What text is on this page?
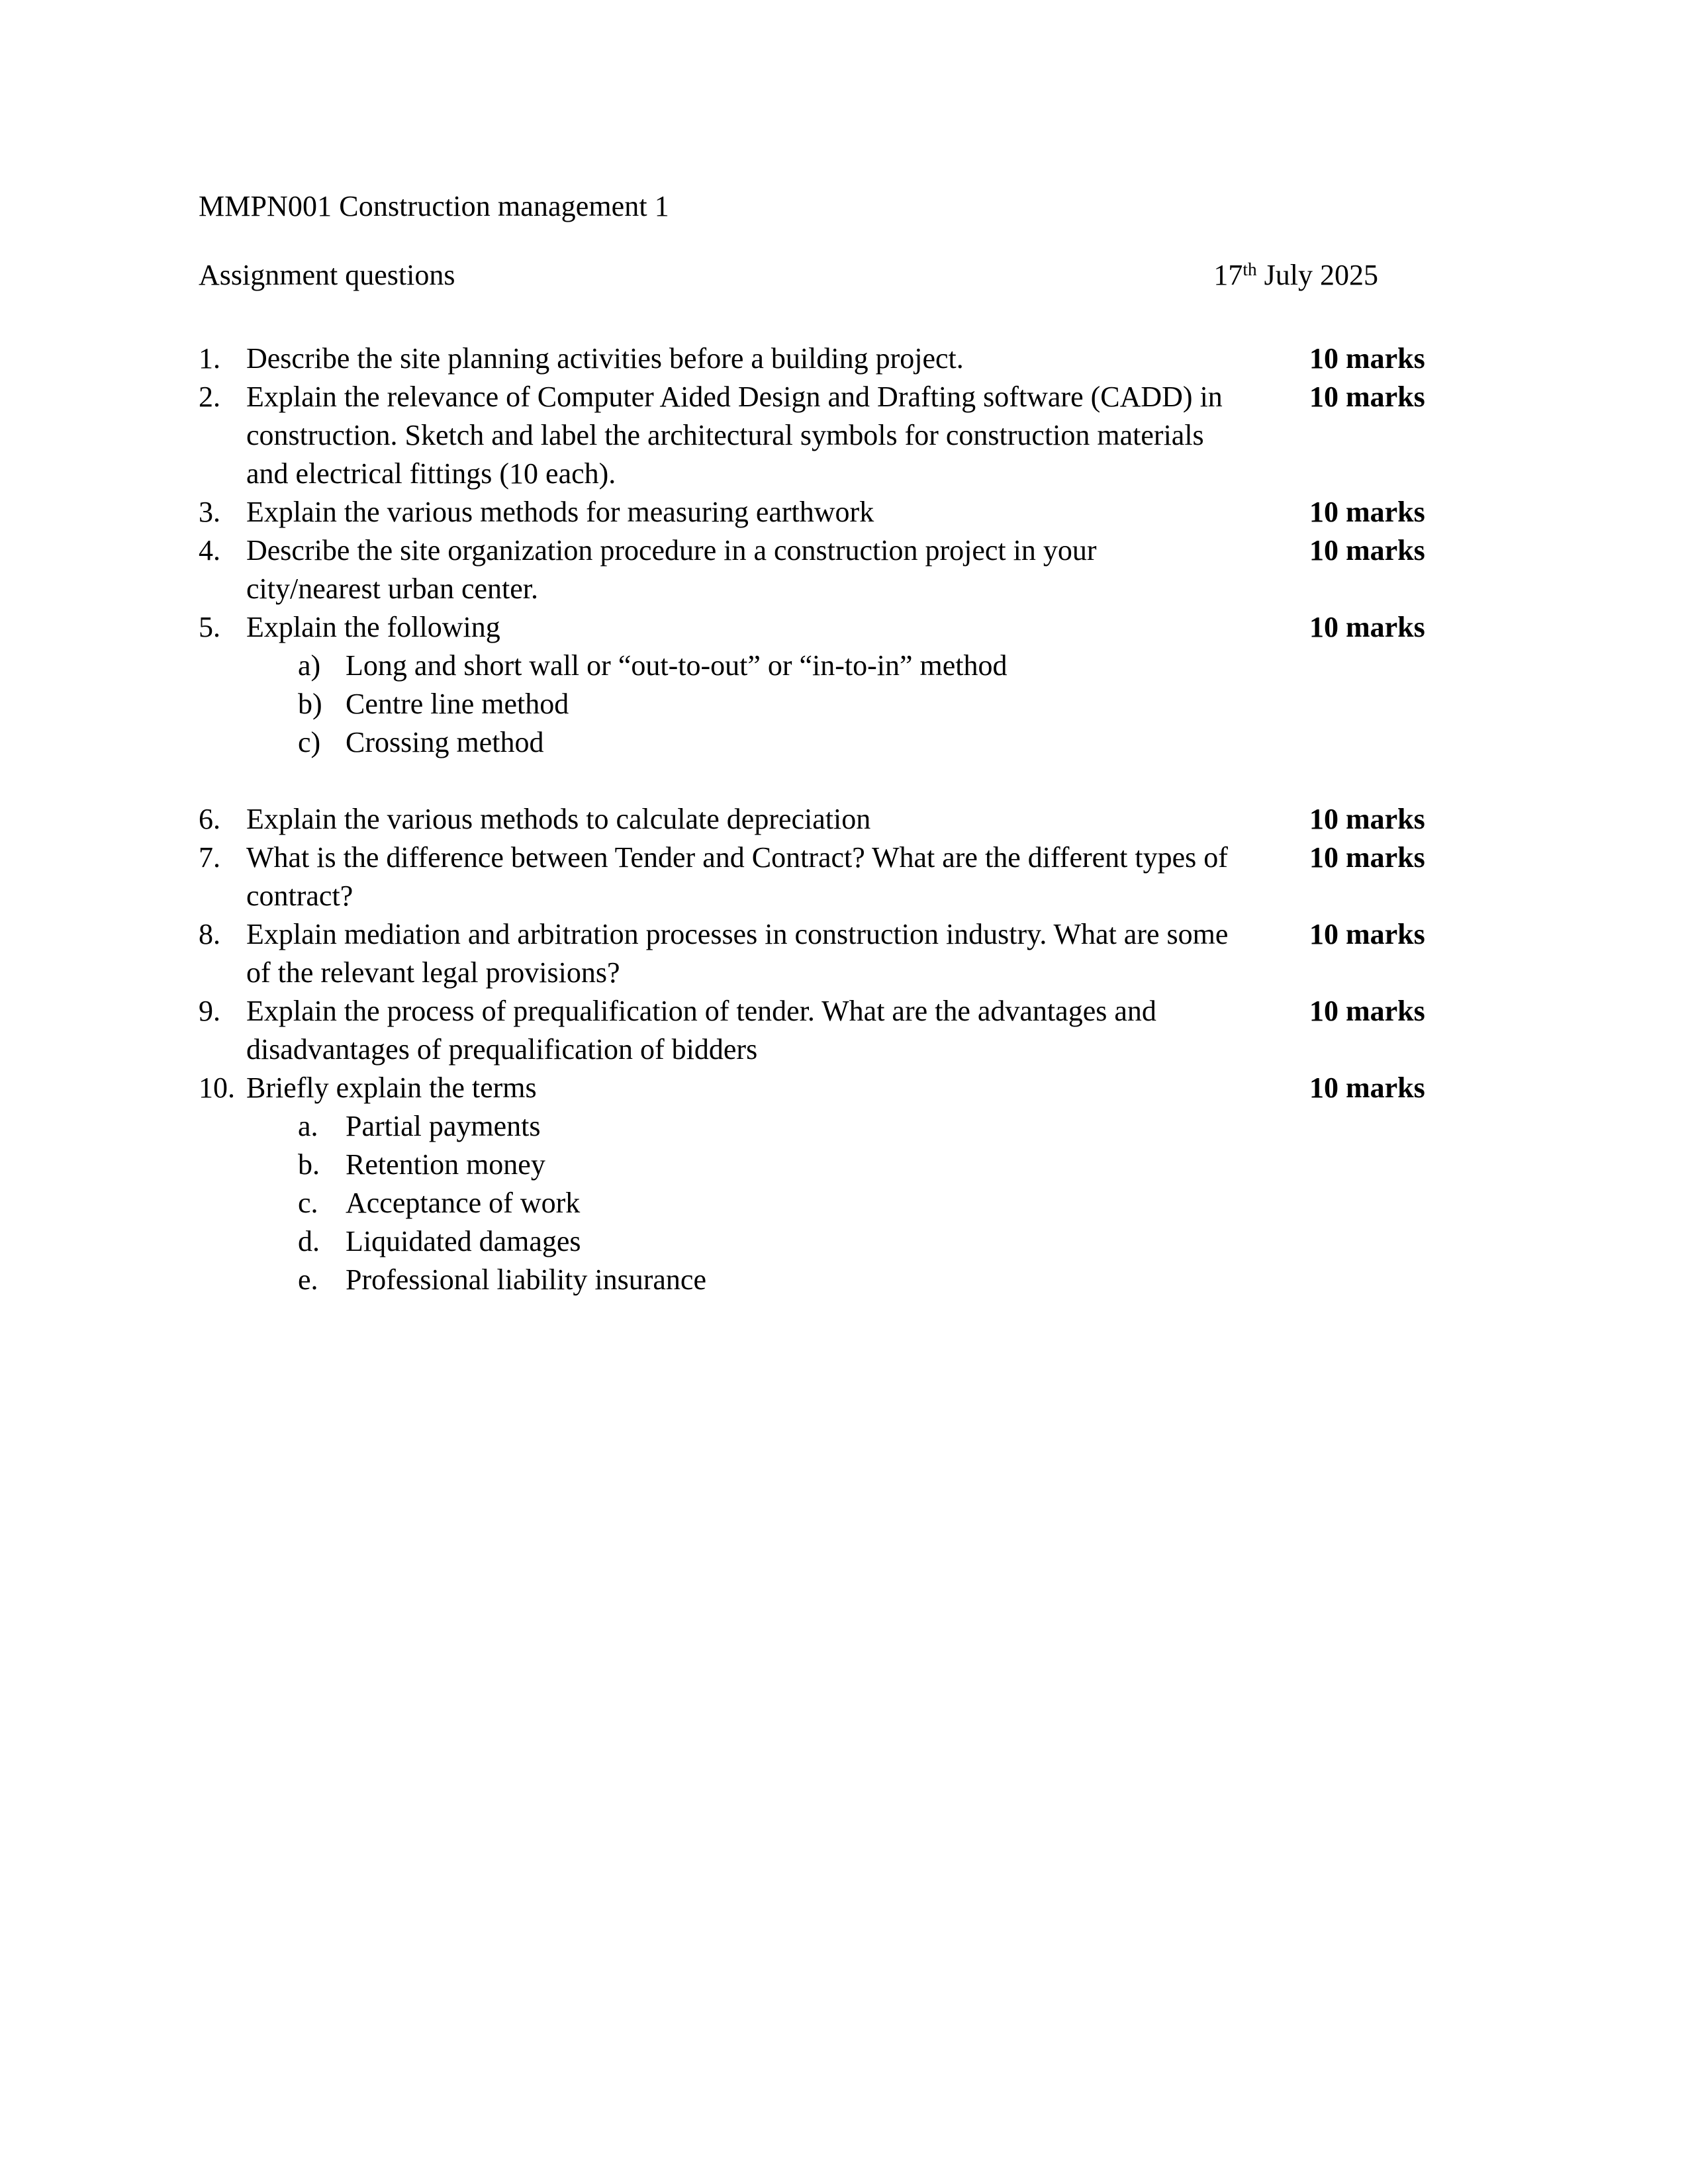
MMPN001 Construction management 1
Assignment questions	17th July 2025
1. Describe the site planning activities before a building project.	10 marks
2. Explain the relevance of Computer Aided Design and Drafting software (CADD) in construction. Sketch and label the architectural symbols for construction materials and electrical fittings (10 each).
10 marks
3. Explain the various methods for measuring earthwork	10 marks
4. Describe the site organization procedure in a construction project in your city/nearest urban center.
10 marks
5. Explain the following	10 marks
a) Long and short wall or “out-to-out” or “in-to-in” method
b) Centre line method
c) Crossing method
6. Explain the various methods to calculate depreciation	10 marks
7. What is the difference between Tender and Contract? What are the different types of contract?
10 marks
8. Explain mediation and arbitration processes in construction industry. What are some of the relevant legal provisions?
10 marks
9. Explain the process of prequalification of tender. What are the advantages and disadvantages of prequalification of bidders
10 marks
10. Briefly explain the terms	10 marks
a. Partial payments
b. Retention money
c. Acceptance of work
d. Liquidated damages
e. Professional liability insurance
